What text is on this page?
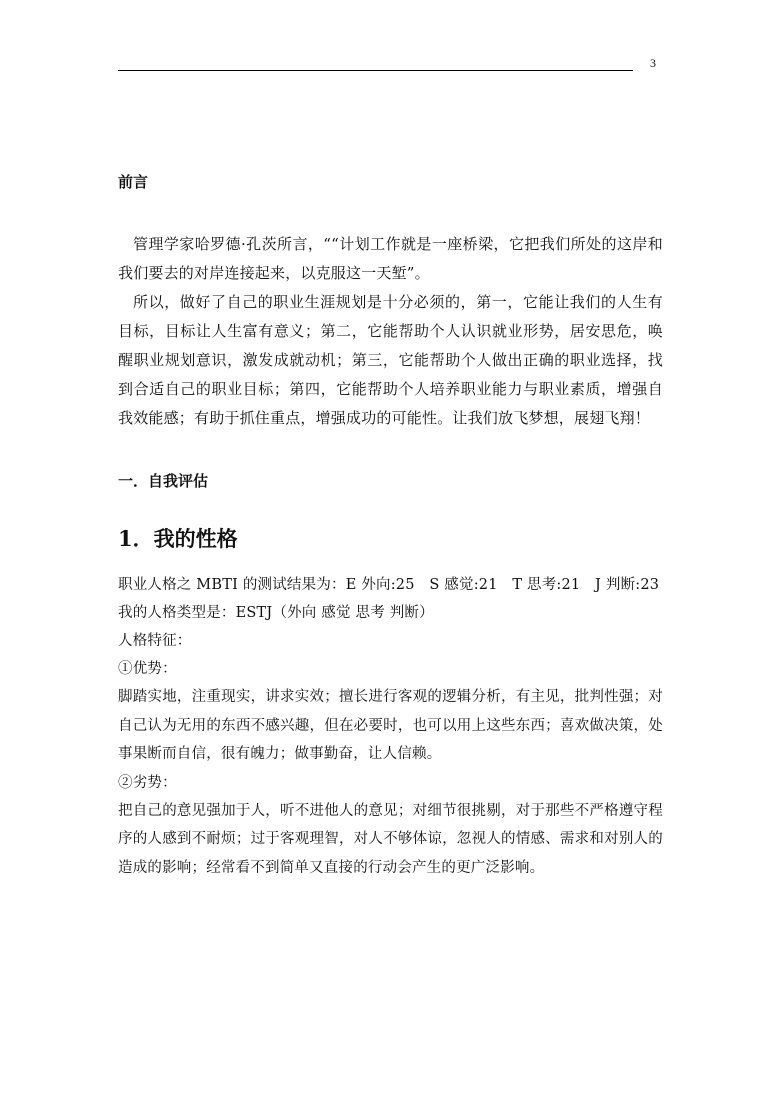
3
前言

管理学家哈罗德·孔茨所言，““计划工作就是一座桥梁，它把我们所处的这岸和我们要去的对岸连接起来，以克服这一天堑”。

所以，做好了自己的职业生涯规划是十分必须的，第一，它能让我们的人生有目标，目标让人生富有意义；第二，它能帮助个人认识就业形势，居安思危，唤醒职业规划意识，激发成就动机；第三，它能帮助个人做出正确的职业选择，找到合适自己的职业目标；第四，它能帮助个人培养职业能力与职业素质，增强自我效能感；有助于抓住重点，增强成功的可能性。让我们放飞梦想，展翅飞翔！

一．自我评估
1．我的性格

职业人格之 MBTI 的测试结果为：E 外向:25　S 感觉:21　T 思考:21　J 判断:23

我的人格类型是：ESTJ（外向 感觉 思考 判断）

人格特征：

①优势：

脚踏实地，注重现实，讲求实效；擅长进行客观的逻辑分析，有主见，批判性强；对自己认为无用的东西不感兴趣，但在必要时，也可以用上这些东西；喜欢做决策，处事果断而自信，很有魄力；做事勤奋，让人信赖。

②劣势：

把自己的意见强加于人，听不进他人的意见；对细节很挑剔，对于那些不严格遵守程序的人感到不耐烦；过于客观理智，对人不够体谅，忽视人的情感、需求和对别人的造成的影响；经常看不到简单又直接的行动会产生的更广泛影响。
